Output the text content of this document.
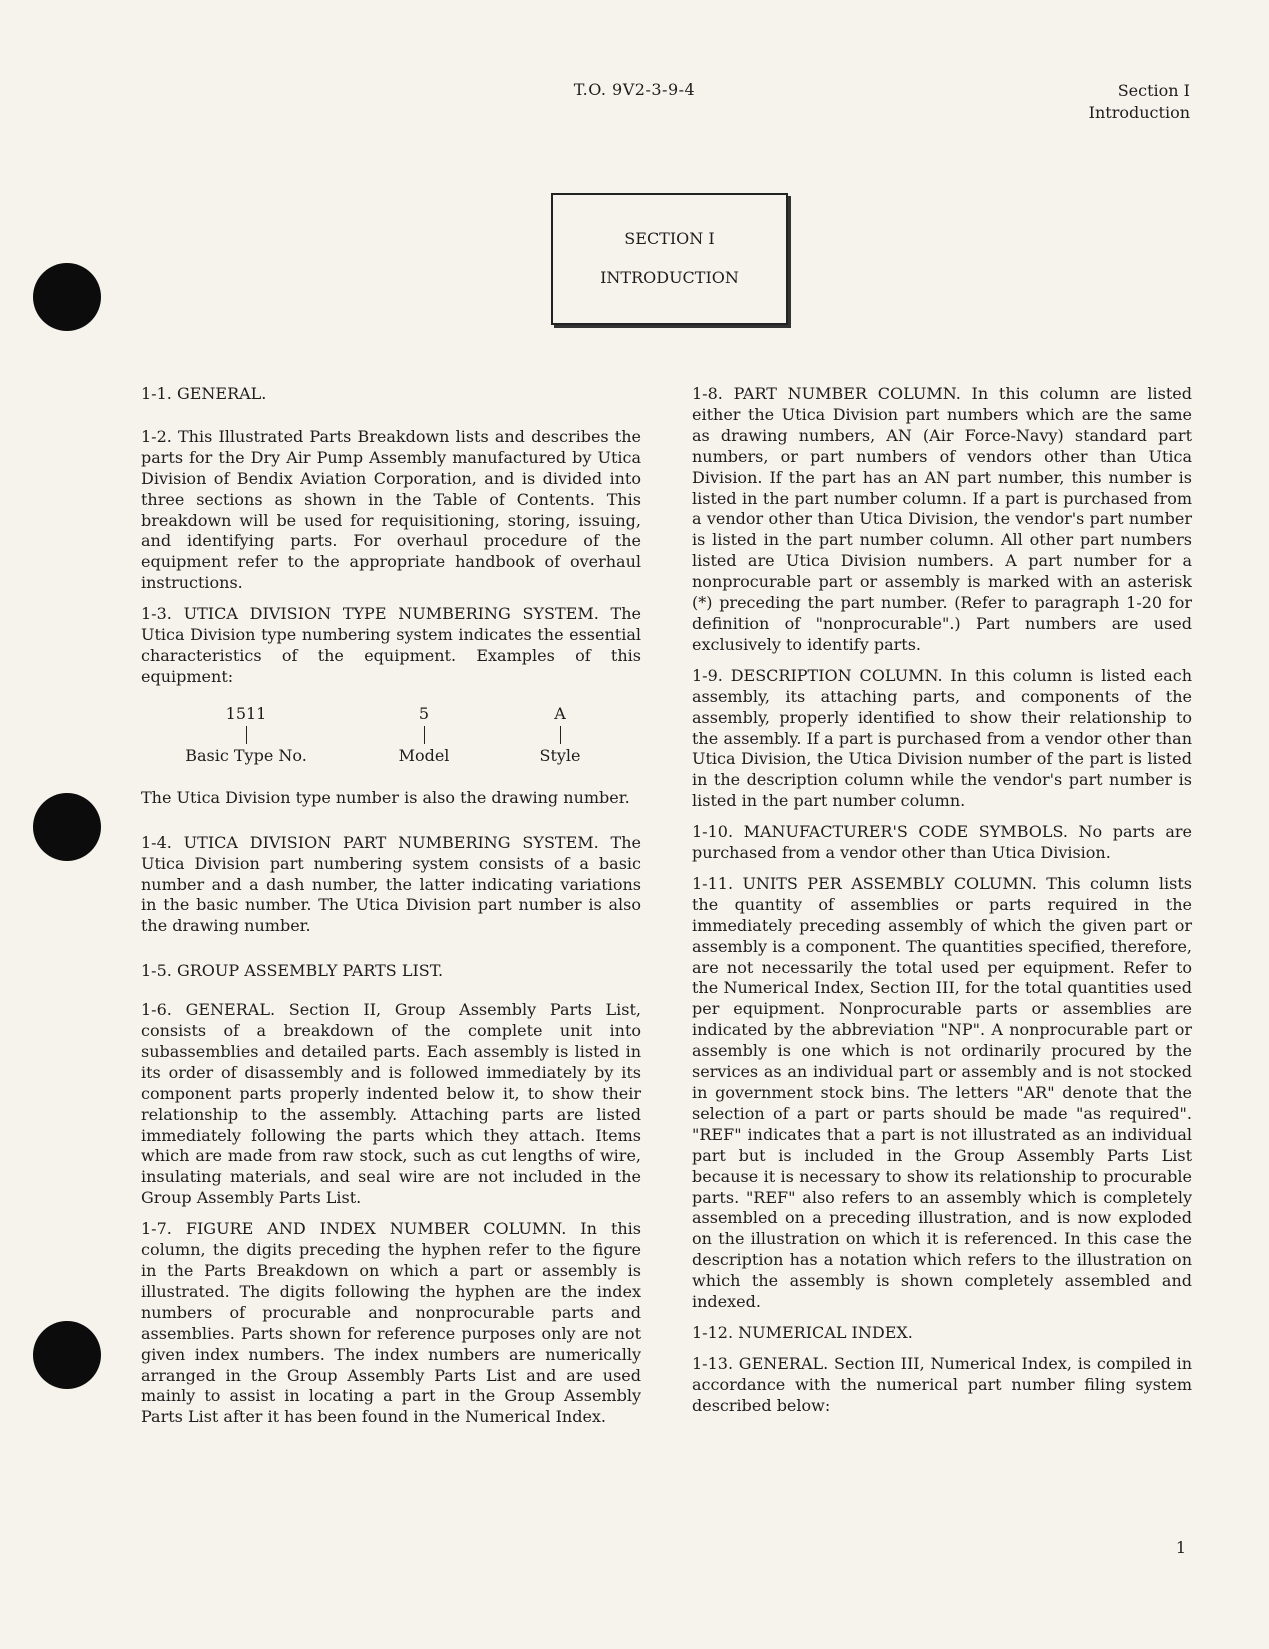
T.O. 9V2-3-9-4	Section I
Introduction
SECTION I
INTRODUCTION

1-1. GENERAL.

1-2. This Illustrated Parts Breakdown lists and describes the parts for the Dry Air Pump Assembly manufactured by Utica Division of Bendix Aviation Corporation, and is divided into three sections as shown in the Table of Contents. This breakdown will be used for requisitioning, storing, issuing, and identifying parts. For overhaul procedure of the equipment refer to the appropriate handbook of overhaul instructions.

1-3. UTICA DIVISION TYPE NUMBERING SYSTEM. The Utica Division type numbering system indicates the essential characteristics of the equipment. Examples of this equipment:

1511
Basic Type No.
5
Model
A
Style

The Utica Division type number is also the drawing number.

1-4. UTICA DIVISION PART NUMBERING SYSTEM. The Utica Division part numbering system consists of a basic number and a dash number, the latter indicating variations in the basic number. The Utica Division part number is also the drawing number.

1-5. GROUP ASSEMBLY PARTS LIST.

1-6. GENERAL. Section II, Group Assembly Parts List, consists of a breakdown of the complete unit into subassemblies and detailed parts. Each assembly is listed in its order of disassembly and is followed immediately by its component parts properly indented below it, to show their relationship to the assembly. Attaching parts are listed immediately following the parts which they attach. Items which are made from raw stock, such as cut lengths of wire, insulating materials, and seal wire are not included in the Group Assembly Parts List.

1-7. FIGURE AND INDEX NUMBER COLUMN. In this column, the digits preceding the hyphen refer to the figure in the Parts Breakdown on which a part or assembly is illustrated. The digits following the hyphen are the index numbers of procurable and nonprocurable parts and assemblies. Parts shown for reference purposes only are not given index numbers. The index numbers are numerically arranged in the Group Assembly Parts List and are used mainly to assist in locating a part in the Group Assembly Parts List after it has been found in the Numerical Index.

1-8. PART NUMBER COLUMN. In this column are listed either the Utica Division part numbers which are the same as drawing numbers, AN (Air Force-Navy) standard part numbers, or part numbers of vendors other than Utica Division. If the part has an AN part number, this number is listed in the part number column. If a part is purchased from a vendor other than Utica Division, the vendor's part number is listed in the part number column. All other part numbers listed are Utica Division numbers. A part number for a nonprocurable part or assembly is marked with an asterisk (*) preceding the part number. (Refer to paragraph 1-20 for definition of "nonprocurable".) Part numbers are used exclusively to identify parts.

1-9. DESCRIPTION COLUMN. In this column is listed each assembly, its attaching parts, and components of the assembly, properly identified to show their relationship to the assembly. If a part is purchased from a vendor other than Utica Division, the Utica Division number of the part is listed in the description column while the vendor's part number is listed in the part number column.

1-10. MANUFACTURER'S CODE SYMBOLS. No parts are purchased from a vendor other than Utica Division.

1-11. UNITS PER ASSEMBLY COLUMN. This column lists the quantity of assemblies or parts required in the immediately preceding assembly of which the given part or assembly is a component. The quantities specified, therefore, are not necessarily the total used per equipment. Refer to the Numerical Index, Section III, for the total quantities used per equipment. Nonprocurable parts or assemblies are indicated by the abbreviation "NP". A nonprocurable part or assembly is one which is not ordinarily procured by the services as an individual part or assembly and is not stocked in government stock bins. The letters "AR" denote that the selection of a part or parts should be made "as required". "REF" indicates that a part is not illustrated as an individual part but is included in the Group Assembly Parts List because it is necessary to show its relationship to procurable parts. "REF" also refers to an assembly which is completely assembled on a preceding illustration, and is now exploded on the illustration on which it is referenced. In this case the description has a notation which refers to the illustration on which the assembly is shown completely assembled and indexed.

1-12. NUMERICAL INDEX.

1-13. GENERAL. Section III, Numerical Index, is compiled in accordance with the numerical part number filing system described below:

1
